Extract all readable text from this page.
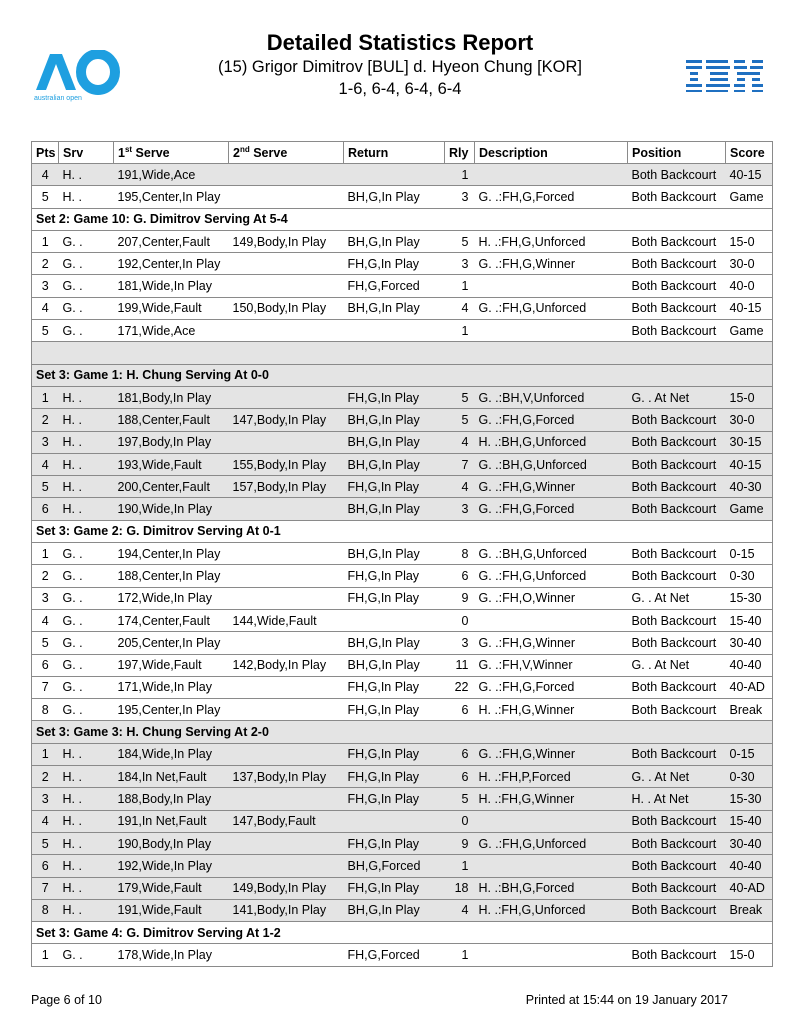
australian open
Detailed Statistics Report
(15) Grigor Dimitrov [BUL] d. Hyeon Chung [KOR]
1-6, 6-4, 6-4, 6-4
Pts	Srv	1st Serve	2nd Serve	Return	Rly	Description	Position	Score
4	H. .	191,Wide,Ace			1		Both Backcourt	40-15
5	H. .	195,Center,In Play		BH,G,In Play	3	G. .:FH,G,Forced	Both Backcourt	Game
Set 2: Game 10: G. Dimitrov Serving At 5-4								
1	G. .	207,Center,Fault	149,Body,In Play	BH,G,In Play	5	H. .:FH,G,Unforced	Both Backcourt	15-0
2	G. .	192,Center,In Play		FH,G,In Play	3	G. .:FH,G,Winner	Both Backcourt	30-0
3	G. .	181,Wide,In Play		FH,G,Forced	1		Both Backcourt	40-0
4	G. .	199,Wide,Fault	150,Body,In Play	BH,G,In Play	4	G. .:FH,G,Unforced	Both Backcourt	40-15
5	G. .	171,Wide,Ace			1		Both Backcourt	Game

Set 3: Game 1: H. Chung Serving At 0-0								
1	H. .	181,Body,In Play		FH,G,In Play	5	G. .:BH,V,Unforced	G. . At Net	15-0
2	H. .	188,Center,Fault	147,Body,In Play	BH,G,In Play	5	G. .:FH,G,Forced	Both Backcourt	30-0
3	H. .	197,Body,In Play		BH,G,In Play	4	H. .:BH,G,Unforced	Both Backcourt	30-15
4	H. .	193,Wide,Fault	155,Body,In Play	BH,G,In Play	7	G. .:BH,G,Unforced	Both Backcourt	40-15
5	H. .	200,Center,Fault	157,Body,In Play	FH,G,In Play	4	G. .:FH,G,Winner	Both Backcourt	40-30
6	H. .	190,Wide,In Play		BH,G,In Play	3	G. .:FH,G,Forced	Both Backcourt	Game
Set 3: Game 2: G. Dimitrov Serving At 0-1								
1	G. .	194,Center,In Play		BH,G,In Play	8	G. .:BH,G,Unforced	Both Backcourt	0-15
2	G. .	188,Center,In Play		FH,G,In Play	6	G. .:FH,G,Unforced	Both Backcourt	0-30
3	G. .	172,Wide,In Play		FH,G,In Play	9	G. .:FH,O,Winner	G. . At Net	15-30
4	G. .	174,Center,Fault	144,Wide,Fault		0		Both Backcourt	15-40
5	G. .	205,Center,In Play		BH,G,In Play	3	G. .:FH,G,Winner	Both Backcourt	30-40
6	G. .	197,Wide,Fault	142,Body,In Play	BH,G,In Play	11	G. .:FH,V,Winner	G. . At Net	40-40
7	G. .	171,Wide,In Play		FH,G,In Play	22	G. .:FH,G,Forced	Both Backcourt	40-AD
8	G. .	195,Center,In Play		FH,G,In Play	6	H. .:FH,G,Winner	Both Backcourt	Break
Set 3: Game 3: H. Chung Serving At 2-0								
1	H. .	184,Wide,In Play		FH,G,In Play	6	G. .:FH,G,Winner	Both Backcourt	0-15
2	H. .	184,In Net,Fault	137,Body,In Play	FH,G,In Play	6	H. .:FH,P,Forced	G. . At Net	0-30
3	H. .	188,Body,In Play		FH,G,In Play	5	H. .:FH,G,Winner	H. . At Net	15-30
4	H. .	191,In Net,Fault	147,Body,Fault		0		Both Backcourt	15-40
5	H. .	190,Body,In Play		FH,G,In Play	9	G. .:FH,G,Unforced	Both Backcourt	30-40
6	H. .	192,Wide,In Play		BH,G,Forced	1		Both Backcourt	40-40
7	H. .	179,Wide,Fault	149,Body,In Play	FH,G,In Play	18	H. .:BH,G,Forced	Both Backcourt	40-AD
8	H. .	191,Wide,Fault	141,Body,In Play	BH,G,In Play	4	H. .:FH,G,Unforced	Both Backcourt	Break
Set 3: Game 4: G. Dimitrov Serving At 1-2								
1	G. .	178,Wide,In Play		FH,G,Forced	1		Both Backcourt	15-0
Page 6 of 10	Printed at 15:44 on 19 January 2017
